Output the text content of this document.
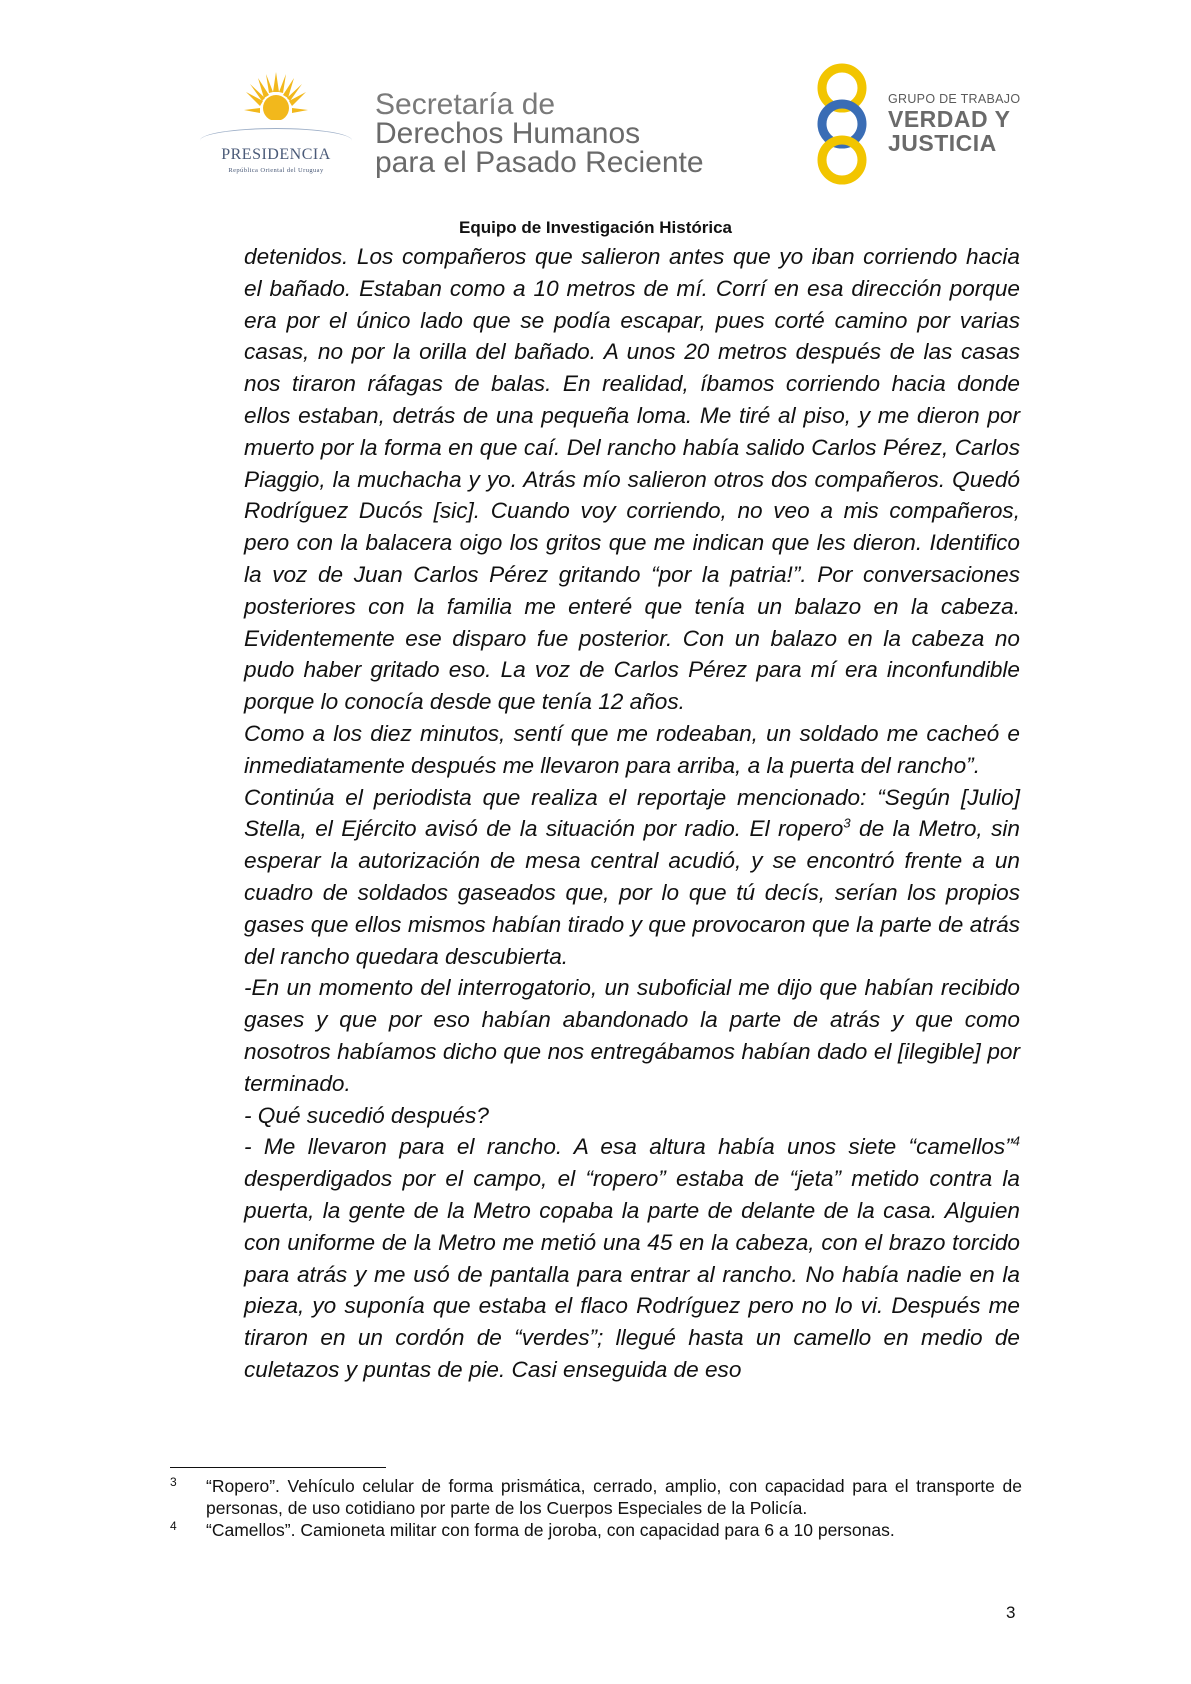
PRESIDENCIA
República Oriental del Uruguay
Secretaría de
Derechos Humanos
para el Pasado Reciente
GRUPO DE TRABAJO
VERDAD Y
JUSTICIA
Equipo de Investigación Histórica

detenidos. Los compañeros que salieron antes que yo iban corriendo hacia el bañado. Estaban como a 10 metros de mí. Corrí en esa dirección porque era por el único lado que se podía escapar, pues corté camino por varias casas, no por la orilla del bañado. A unos 20 metros después de las casas nos tiraron ráfagas de balas. En realidad, íbamos corriendo hacia donde ellos estaban, detrás de una pequeña loma. Me tiré al piso, y me dieron por muerto por la forma en que caí. Del rancho había salido Carlos Pérez, Carlos Piaggio, la muchacha y yo. Atrás mío salieron otros dos compañeros. Quedó Rodríguez Ducós [sic]. Cuando voy corriendo, no veo a mis compañeros, pero con la balacera oigo los gritos que me indican que les dieron. Identifico la voz de Juan Carlos Pérez gritando “por la patria!”. Por conversaciones posteriores con la familia me enteré que tenía un balazo en la cabeza. Evidentemente ese disparo fue posterior. Con un balazo en la cabeza no pudo haber gritado eso. La voz de Carlos Pérez para mí era inconfundible porque lo conocía desde que tenía 12 años.

Como a los diez minutos, sentí que me rodeaban, un soldado me cacheó e inmediatamente después me llevaron para arriba, a la puerta del rancho”.

Continúa el periodista que realiza el reportaje mencionado: “Según [Julio] Stella, el Ejército avisó de la situación por radio. El ropero$^3$ de la Metro, sin esperar la autorización de mesa central acudió, y se encontró frente a un cuadro de soldados gaseados que, por lo que tú decís, serían los propios gases que ellos mismos habían tirado y que provocaron que la parte de atrás del rancho quedara descubierta.

-En un momento del interrogatorio, un suboficial me dijo que habían recibido gases y que por eso habían abandonado la parte de atrás y que como nosotros habíamos dicho que nos entregábamos habían dado el [ilegible] por terminado.

- Qué sucedió después?

- Me llevaron para el rancho. A esa altura había unos siete “camellos”$^4$ desperdigados por el campo, el “ropero” estaba de “jeta” metido contra la puerta, la gente de la Metro copaba la parte de delante de la casa. Alguien con uniforme de la Metro me metió una 45 en la cabeza, con el brazo torcido para atrás y me usó de pantalla para entrar al rancho. No había nadie en la pieza, yo suponía que estaba el flaco Rodríguez pero no lo vi. Después me tiraron en un cordón de “verdes”; llegué hasta un camello en medio de culetazos y puntas de pie. Casi enseguida de eso

3 “Ropero”. Vehículo celular de forma prismática, cerrado, amplio, con capacidad para el transporte de personas, de uso cotidiano por parte de los Cuerpos Especiales de la Policía.
4 “Camellos”. Camioneta militar con forma de joroba, con capacidad para 6 a 10 personas.
3
